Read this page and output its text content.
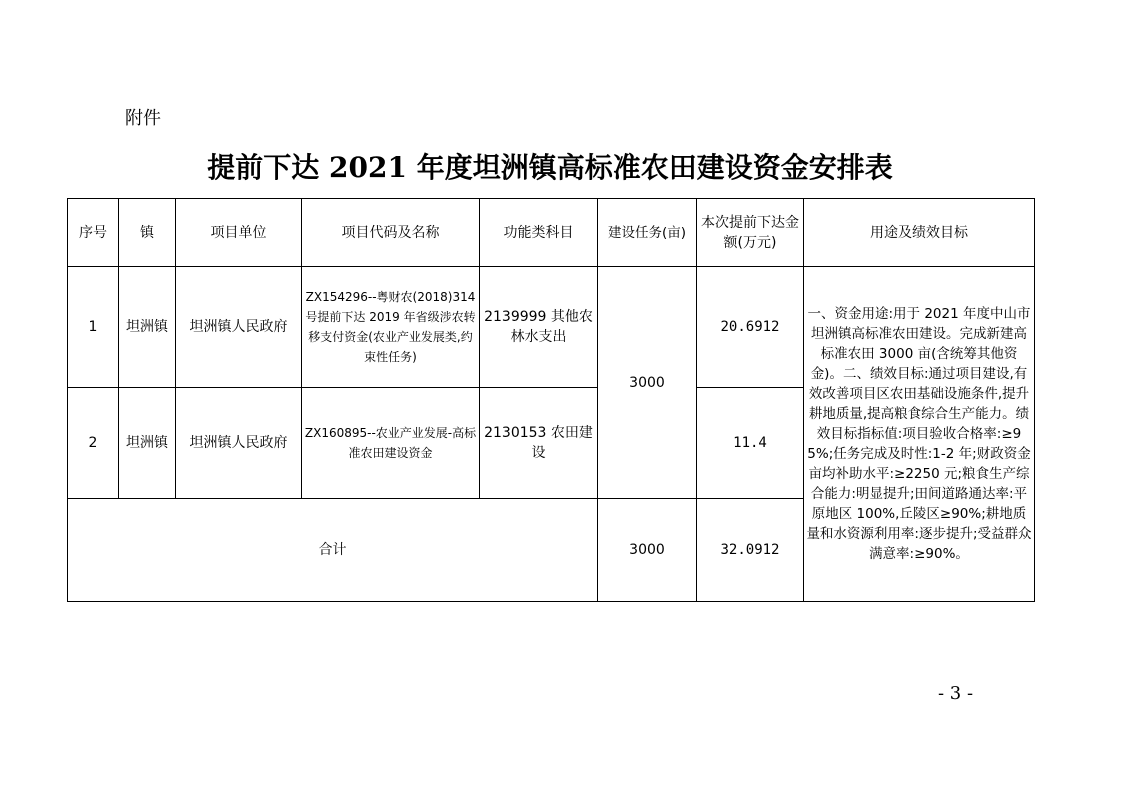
附件
提前下达 2021 年度坦洲镇高标准农田建设资金安排表
序号	镇	项目单位	项目代码及名称	功能类科目	建设任务(亩)	本次提前下达金额(万元)	用途及绩效目标
1	坦洲镇	坦洲镇人民政府	ZX154296--粤财农(2018)314号提前下达 2019 年省级涉农转移支付资金(农业产业发展类,约束性任务)	2139999 其他农林水支出	3000	20.6912	一、资金用途:用于 2021 年度中山市坦洲镇高标准农田建设。完成新建高标准农田 3000 亩(含统筹其他资金)。二、绩效目标:通过项目建设,有效改善项目区农田基础设施条件,提升耕地质量,提高粮食综合生产能力。绩效目标指标值:项目验收合格率:≥95%;任务完成及时性:1-2 年;财政资金亩均补助水平:≥2250 元;粮食生产综合能力:明显提升;田间道路通达率:平原地区 100%,丘陵区≥90%;耕地质量和水资源利用率:逐步提升;受益群众满意率:≥90%。
2	坦洲镇	坦洲镇人民政府	ZX160895--农业产业发展-高标准农田建设资金	2130153 农田建设		11.4	
合计					3000	32.0912	
- 3 -
